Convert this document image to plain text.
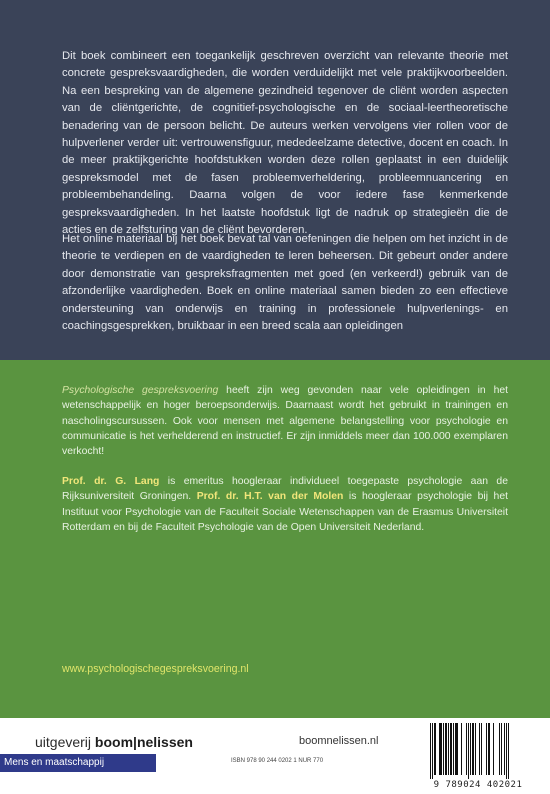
Dit boek combineert een toegankelijk geschreven overzicht van relevante theorie met concrete gespreksvaardigheden, die worden verduidelijkt met vele praktijkvoorbeelden. Na een bespreking van de algemene gezindheid tegenover de cliënt worden aspecten van de cliëntgerichte, de cognitief-psychologische en de sociaal-leertheoretische benadering van de persoon belicht. De auteurs werken vervolgens vier rollen voor de hulpverlener verder uit: vertrouwensfiguur, mededeelzame detective, docent en coach. In de meer praktijkgerichte hoofdstukken worden deze rollen geplaatst in een duidelijk gespreksmodel met de fasen probleemverheldering, probleemnuancering en probleembehandeling. Daarna volgen de voor iedere fase kenmerkende gespreksvaardigheden. In het laatste hoofdstuk ligt de nadruk op strategieën die de acties en de zelfsturing van de cliënt bevorderen.

Het online materiaal bij het boek bevat tal van oefeningen die helpen om het inzicht in de theorie te verdiepen en de vaardigheden te leren beheersen. Dit gebeurt onder andere door demonstratie van gespreksfragmenten met goed (en verkeerd!) gebruik van de afzonderlijke vaardigheden. Boek en online materiaal samen bieden zo een effectieve ondersteuning van onderwijs en training in professionele hulpverlenings- en coachingsgesprekken, bruikbaar in een breed scala aan opleidingen

Psychologische gespreksvoering heeft zijn weg gevonden naar vele opleidingen in het wetenschappelijk en hoger beroepsonderwijs. Daarnaast wordt het gebruikt in trainingen en nascholingscursussen. Ook voor mensen met algemene belangstelling voor psychologie en communicatie is het verhelderend en instructief. Er zijn inmiddels meer dan 100.000 exemplaren verkocht!

Prof. dr. G. Lang is emeritus hoogleraar individueel toegepaste psychologie aan de Rijksuniversiteit Groningen. Prof. dr. H.T. van der Molen is hoogleraar psychologie bij het Instituut voor Psychologie van de Faculteit Sociale Wetenschappen van de Erasmus Universiteit Rotterdam en bij de Faculteit Psychologie van de Open Universiteit Nederland.

www.psychologischegespreksvoering.nl
uitgeverij boom|nelissen	boomnelissen.nl
Mens en maatschappij	ISBN 978 90 244 0202 1 NUR 770
9 789024 402021
